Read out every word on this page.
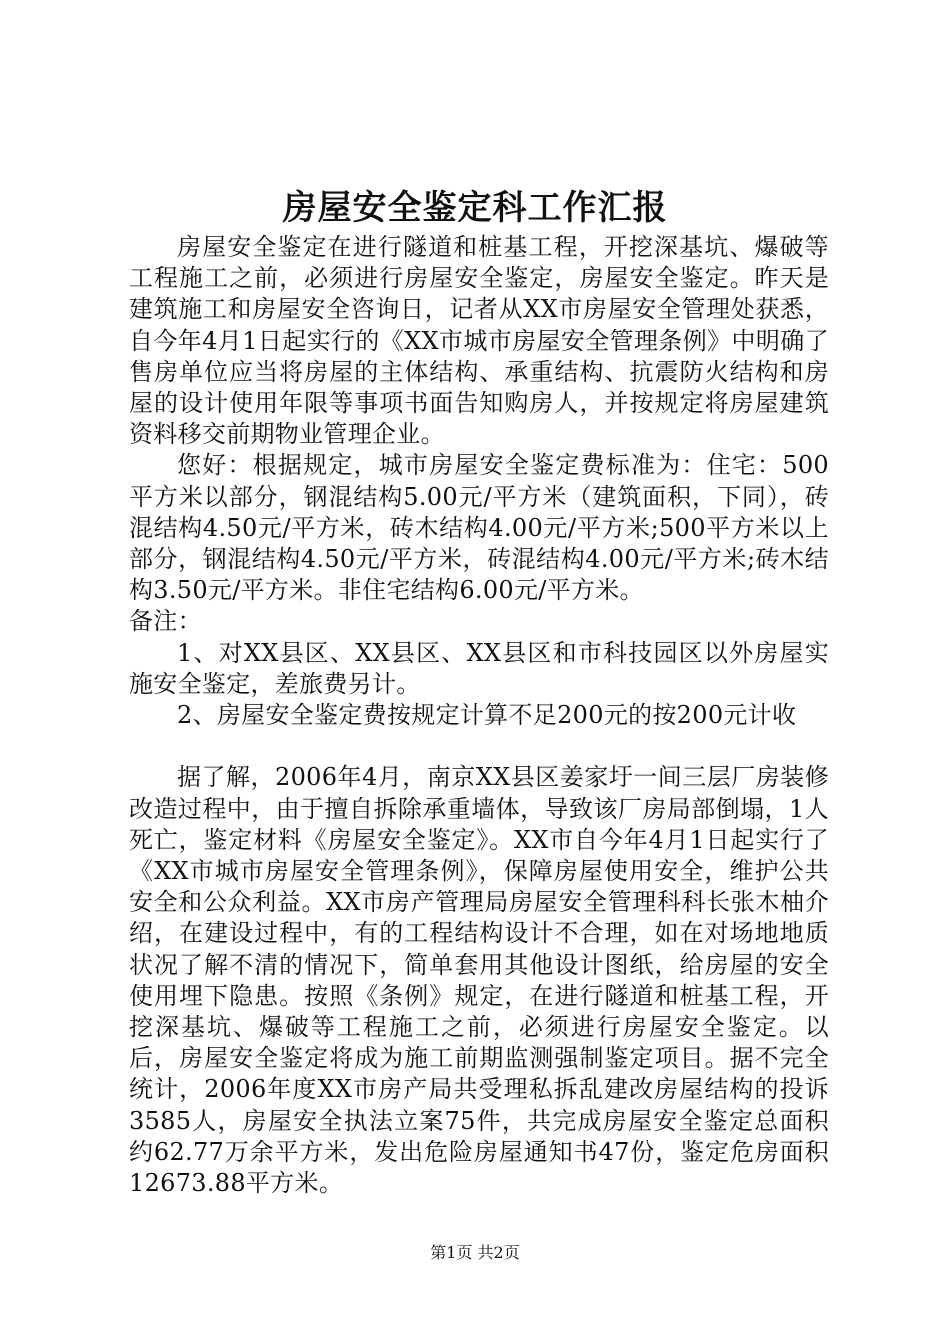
房屋安全鉴定科工作汇报

房屋安全鉴定在进行隧道和桩基工程，开挖深基坑、爆破等工程施工之前，必须进行房屋安全鉴定，房屋安全鉴定。昨天是建筑施工和房屋安全咨询日，记者从XX市房屋安全管理处获悉，自今年4月1日起实行的《XX市城市房屋安全管理条例》中明确了售房单位应当将房屋的主体结构、承重结构、抗震防火结构和房屋的设计使用年限等事项书面告知购房人，并按规定将房屋建筑资料移交前期物业管理企业。

您好：根据规定，城市房屋安全鉴定费标准为：住宅：500平方米以部分，钢混结构5.00元/平方米（建筑面积，下同），砖混结构4.50元/平方米，砖木结构4.00元/平方米;500平方米以上部分，钢混结构4.50元/平方米，砖混结构4.00元/平方米;砖木结构3.50元/平方米。非住宅结构6.00元/平方米。

备注：

1、对XX县区、XX县区、XX县区和市科技园区以外房屋实施安全鉴定，差旅费另计。

2、房屋安全鉴定费按规定计算不足200元的按200元计收

据了解，2006年4月，南京XX县区姜家圩一间三层厂房装修改造过程中，由于擅自拆除承重墙体，导致该厂房局部倒塌，1人死亡，鉴定材料《房屋安全鉴定》。XX市自今年4月1日起实行了《XX市城市房屋安全管理条例》，保障房屋使用安全，维护公共安全和公众利益。XX市房产管理局房屋安全管理科科长张木柚介绍，在建设过程中，有的工程结构设计不合理，如在对场地地质状况了解不清的情况下，简单套用其他设计图纸，给房屋的安全使用埋下隐患。按照《条例》规定，在进行隧道和桩基工程，开挖深基坑、爆破等工程施工之前，必须进行房屋安全鉴定。以后，房屋安全鉴定将成为施工前期监测强制鉴定项目。据不完全统计，2006年度XX市房产局共受理私拆乱建改房屋结构的投诉3585人，房屋安全执法立案75件，共完成房屋安全鉴定总面积约62.77万余平方米，发出危险房屋通知书47份，鉴定危房面积12673.88平方米。

第1页 共2页
